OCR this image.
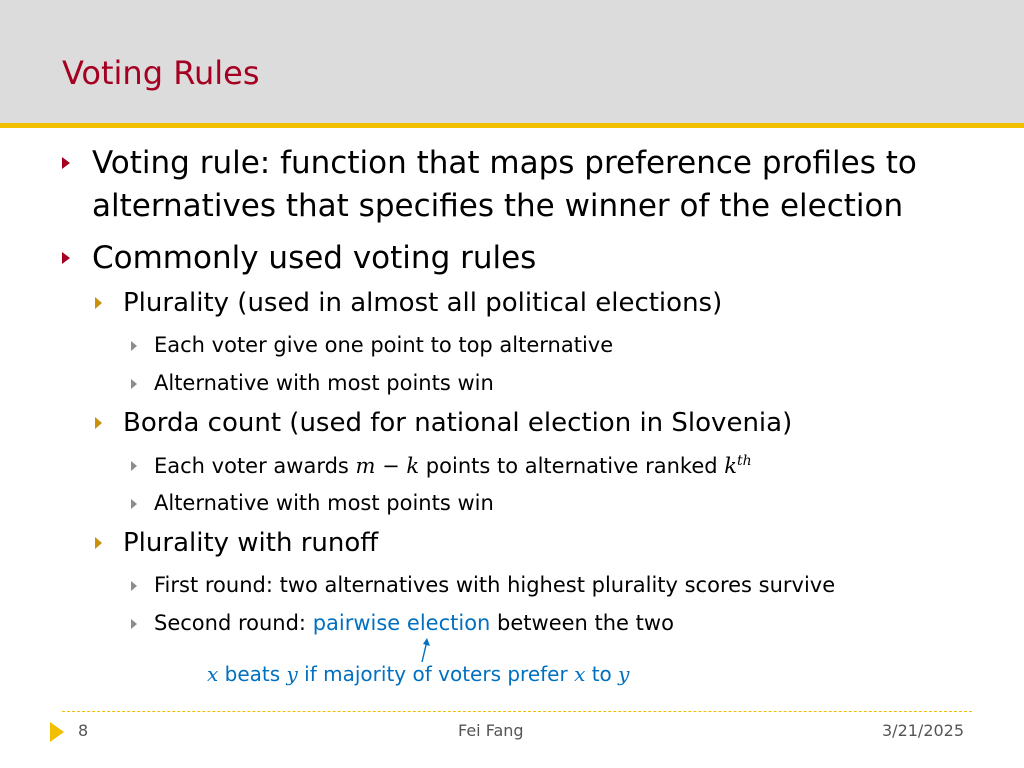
Voting Rules
Voting rule: function that maps preference profiles to
alternatives that specifies the winner of the election
Commonly used voting rules
Plurality (used in almost all political elections)
Each voter give one point to top alternative
Alternative with most points win
Borda count (used for national election in Slovenia)
Each voter awards m − k points to alternative ranked $k^{th}$
Alternative with most points win
Plurality with runoff
First round: two alternatives with highest plurality scores survive
Second round: pairwise election between the two
x beats y if majority of voters prefer x to y
8	Fei Fang	3/21/2025
